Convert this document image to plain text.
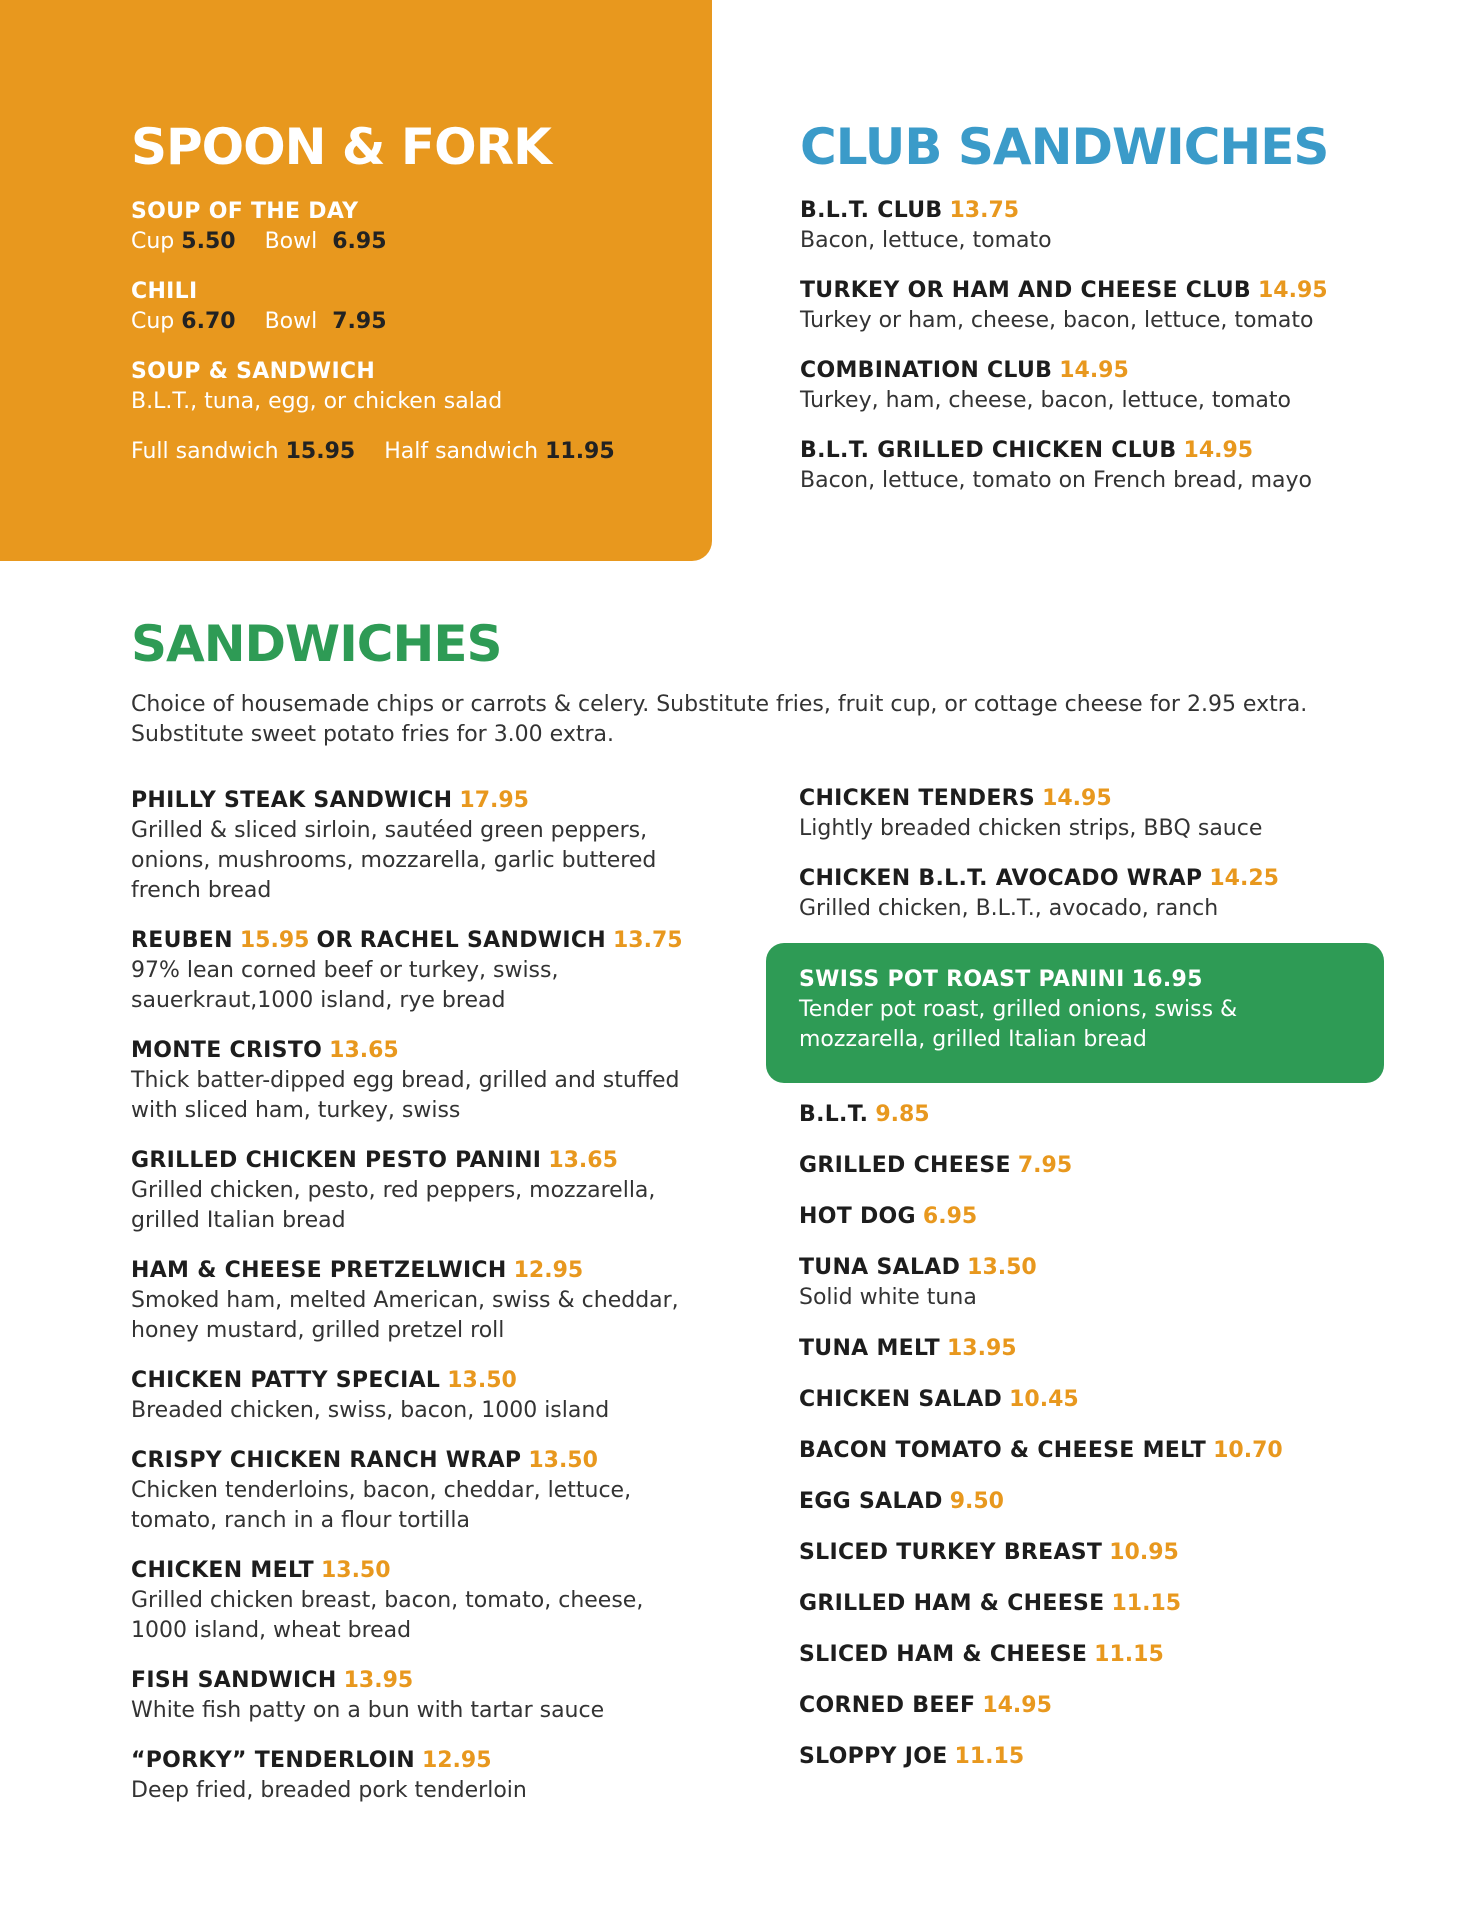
SPOON & FORK
SOUP OF THE DAY
Cup 5.50 Bowl 6.95
CHILI
Cup 6.70 Bowl 7.95
SOUP & SANDWICH
B.L.T., tuna, egg, or chicken salad
Full sandwich 15.95 Half sandwich 11.95
CLUB SANDWICHES
B.L.T. CLUB 13.75
Bacon, lettuce, tomato
TURKEY OR HAM AND CHEESE CLUB 14.95
Turkey or ham, cheese, bacon, lettuce, tomato
COMBINATION CLUB 14.95
Turkey, ham, cheese, bacon, lettuce, tomato
B.L.T. GRILLED CHICKEN CLUB 14.95
Bacon, lettuce, tomato on French bread, mayo
SANDWICHES
Choice of housemade chips or carrots & celery. Substitute fries, fruit cup, or cottage cheese for 2.95 extra.
Substitute sweet potato fries for 3.00 extra.
PHILLY STEAK SANDWICH 17.95
Grilled & sliced sirloin, sautéed green peppers, onions, mushrooms, mozzarella, garlic buttered french bread
REUBEN 15.95 OR RACHEL SANDWICH 13.75
97% lean corned beef or turkey, swiss, sauerkraut,1000 island, rye bread
MONTE CRISTO 13.65
Thick batter-dipped egg bread, grilled and stuffed with sliced ham, turkey, swiss
GRILLED CHICKEN PESTO PANINI 13.65
Grilled chicken, pesto, red peppers, mozzarella, grilled Italian bread
HAM & CHEESE PRETZELWICH 12.95
Smoked ham, melted American, swiss & cheddar, honey mustard, grilled pretzel roll
CHICKEN PATTY SPECIAL 13.50
Breaded chicken, swiss, bacon, 1000 island
CRISPY CHICKEN RANCH WRAP 13.50
Chicken tenderloins, bacon, cheddar, lettuce, tomato, ranch in a flour tortilla
CHICKEN MELT 13.50
Grilled chicken breast, bacon, tomato, cheese, 1000 island, wheat bread
FISH SANDWICH 13.95
White fish patty on a bun with tartar sauce
“PORKY” TENDERLOIN 12.95
Deep fried, breaded pork tenderloin
CHICKEN TENDERS 14.95
Lightly breaded chicken strips, BBQ sauce
CHICKEN B.L.T. AVOCADO WRAP 14.25
Grilled chicken, B.L.T., avocado, ranch
SWISS POT ROAST PANINI 16.95
Tender pot roast, grilled onions, swiss & mozzarella, grilled Italian bread
B.L.T. 9.85
GRILLED CHEESE 7.95
HOT DOG 6.95
TUNA SALAD 13.50
Solid white tuna
TUNA MELT 13.95
CHICKEN SALAD 10.45
BACON TOMATO & CHEESE MELT 10.70
EGG SALAD 9.50
SLICED TURKEY BREAST 10.95
GRILLED HAM & CHEESE 11.15
SLICED HAM & CHEESE 11.15
CORNED BEEF 14.95
SLOPPY JOE 11.15
